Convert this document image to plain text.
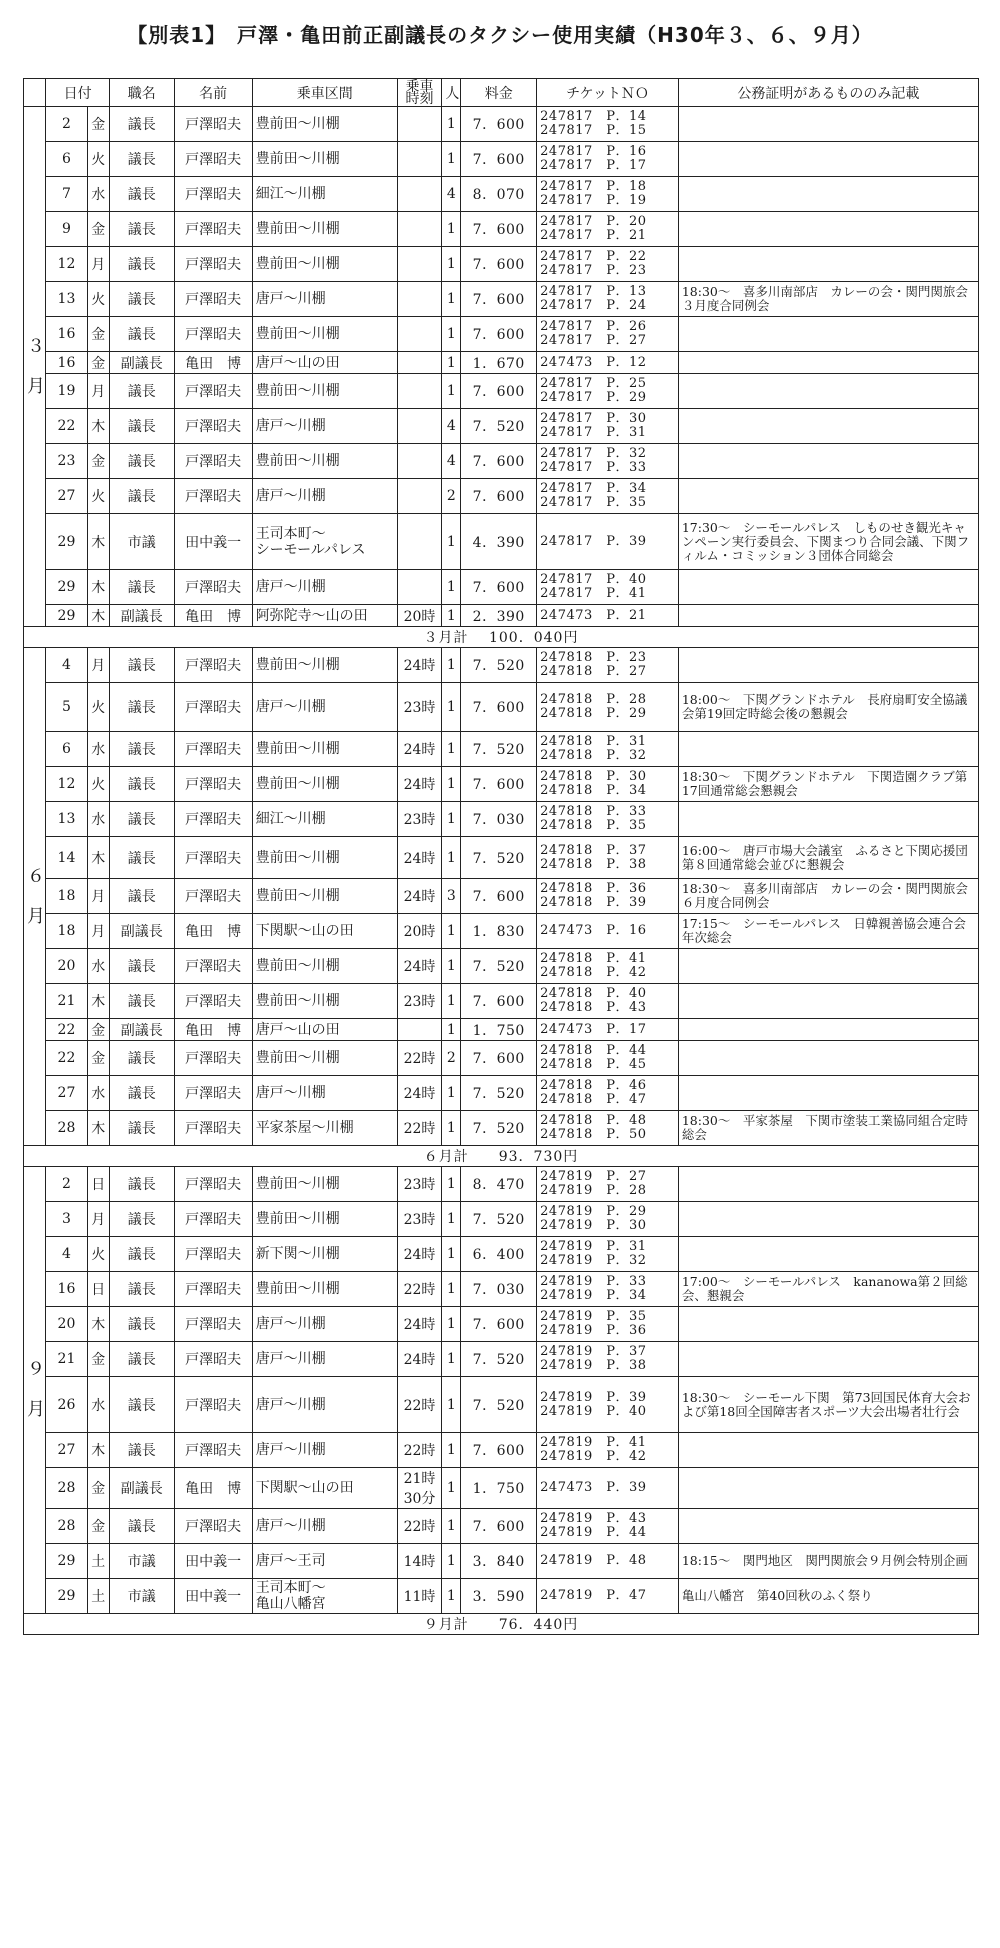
【別表1】　戸澤・亀田前正副議長のタクシー使用実績（H30年３、６、９月）
	日付		職名	名前	乗車区間	乗車時刻	人	料金	チケットＮＯ	公務証明があるもののみ記載

３
月	2	金	議長	戸澤昭夫	豊前田～川棚		1	7．600	247817　P．14
247817　P．15	
	6	火	議長	戸澤昭夫	豊前田～川棚		1	7．600	247817　P．16
247817　P．17	
	7	水	議長	戸澤昭夫	細江～川棚		4	8．070	247817　P．18
247817　P．19	
	9	金	議長	戸澤昭夫	豊前田～川棚		1	7．600	247817　P．20
247817　P．21	
	12	月	議長	戸澤昭夫	豊前田～川棚		1	7．600	247817　P．22
247817　P．23	
	13	火	議長	戸澤昭夫	唐戸～川棚		1	7．600	247817　P．13
247817　P．24	18:30～　喜多川南部店　カレーの会・関門関旅会３月度合同例会
	16	金	議長	戸澤昭夫	豊前田～川棚		1	7．600	247817　P．26
247817　P．27	
	16	金	副議長	亀田　博	唐戸～山の田		1	1．670	247473　P．12	
	19	月	議長	戸澤昭夫	豊前田～川棚		1	7．600	247817　P．25
247817　P．29	
	22	木	議長	戸澤昭夫	唐戸～川棚		4	7．520	247817　P．30
247817　P．31	
	23	金	議長	戸澤昭夫	豊前田～川棚		4	7．600	247817　P．32
247817　P．33	
	27	火	議長	戸澤昭夫	唐戸～川棚		2	7．600	247817　P．34
247817　P．35	
	29	木	市議	田中義一	王司本町～
シーモールパレス		1	4．390	247817　P．39	17:30～　シーモールパレス　しものせき観光キャンペーン実行委員会、下関まつり合同会議、下関フィルム・コミッション３団体合同総会
	29	木	議長	戸澤昭夫	唐戸～川棚		1	7．600	247817　P．40
247817　P．41	
	29	木	副議長	亀田　博	阿弥陀寺～山の田	20時	1	2．390	247473　P．21	
３月計　 100．040円										

６
月	4	月	議長	戸澤昭夫	豊前田～川棚	24時	1	7．520	247818　P．23
247818　P．27	
	5	火	議長	戸澤昭夫	唐戸～川棚	23時	1	7．600	247818　P．28
247818　P．29	18:00～　下関グランドホテル　長府扇町安全協議会第19回定時総会後の懇親会
	6	水	議長	戸澤昭夫	豊前田～川棚	24時	1	7．520	247818　P．31
247818　P．32	
	12	火	議長	戸澤昭夫	豊前田～川棚	24時	1	7．600	247818　P．30
247818　P．34	18:30～　下関グランドホテル　下関造園クラブ第17回通常総会懇親会
	13	水	議長	戸澤昭夫	細江～川棚	23時	1	7．030	247818　P．33
247818　P．35	
	14	木	議長	戸澤昭夫	豊前田～川棚	24時	1	7．520	247818　P．37
247818　P．38	16:00～　唐戸市場大会議室　ふるさと下関応援団第８回通常総会並びに懇親会
	18	月	議長	戸澤昭夫	豊前田～川棚	24時	3	7．600	247818　P．36
247818　P．39	18:30～　喜多川南部店　カレーの会・関門関旅会６月度合同例会
	18	月	副議長	亀田　博	下関駅～山の田	20時	1	1．830	247473　P．16	17:15～　シーモールパレス　日韓親善協会連合会年次総会
	20	水	議長	戸澤昭夫	豊前田～川棚	24時	1	7．520	247818　P．41
247818　P．42	
	21	木	議長	戸澤昭夫	豊前田～川棚	23時	1	7．600	247818　P．40
247818　P．43	
	22	金	副議長	亀田　博	唐戸～山の田		1	1．750	247473　P．17	
	22	金	議長	戸澤昭夫	豊前田～川棚	22時	2	7．600	247818　P．44
247818　P．45	
	27	水	議長	戸澤昭夫	唐戸～川棚	24時	1	7．520	247818　P．46
247818　P．47	
	28	木	議長	戸澤昭夫	平家茶屋～川棚	22時	1	7．520	247818　P．48
247818　P．50	18:30～　平家茶屋　下関市塗装工業協同組合定時総会
６月計　　93．730円										

９
月	2	日	議長	戸澤昭夫	豊前田～川棚	23時	1	8．470	247819　P．27
247819　P．28	
	3	月	議長	戸澤昭夫	豊前田～川棚	23時	1	7．520	247819　P．29
247819　P．30	
	4	火	議長	戸澤昭夫	新下関～川棚	24時	1	6．400	247819　P．31
247819　P．32	
	16	日	議長	戸澤昭夫	豊前田～川棚	22時	1	7．030	247819　P．33
247819　P．34	17:00～　シーモールパレス　kananowa第２回総会、懇親会
	20	木	議長	戸澤昭夫	唐戸～川棚	24時	1	7．600	247819　P．35
247819　P．36	
	21	金	議長	戸澤昭夫	唐戸～川棚	24時	1	7．520	247819　P．37
247819　P．38	
	26	水	議長	戸澤昭夫	唐戸～川棚	22時	1	7．520	247819　P．39
247819　P．40	18:30～　シーモール下関　第73回国民体育大会および第18回全国障害者スポーツ大会出場者壮行会
	27	木	議長	戸澤昭夫	唐戸～川棚	22時	1	7．600	247819　P．41
247819　P．42	
	28	金	副議長	亀田　博	下関駅～山の田	21時
30分	1	1．750	247473　P．39	
	28	金	議長	戸澤昭夫	唐戸～川棚	22時	1	7．600	247819　P．43
247819　P．44	
	29	土	市議	田中義一	唐戸～王司	14時	1	3．840	247819　P．48	18:15～　関門地区　関門関旅会９月例会特別企画
	29	土	市議	田中義一	王司本町～
亀山八幡宮	11時	1	3．590	247819　P．47	亀山八幡宮　第40回秋のふく祭り
９月計　　76．440円										
